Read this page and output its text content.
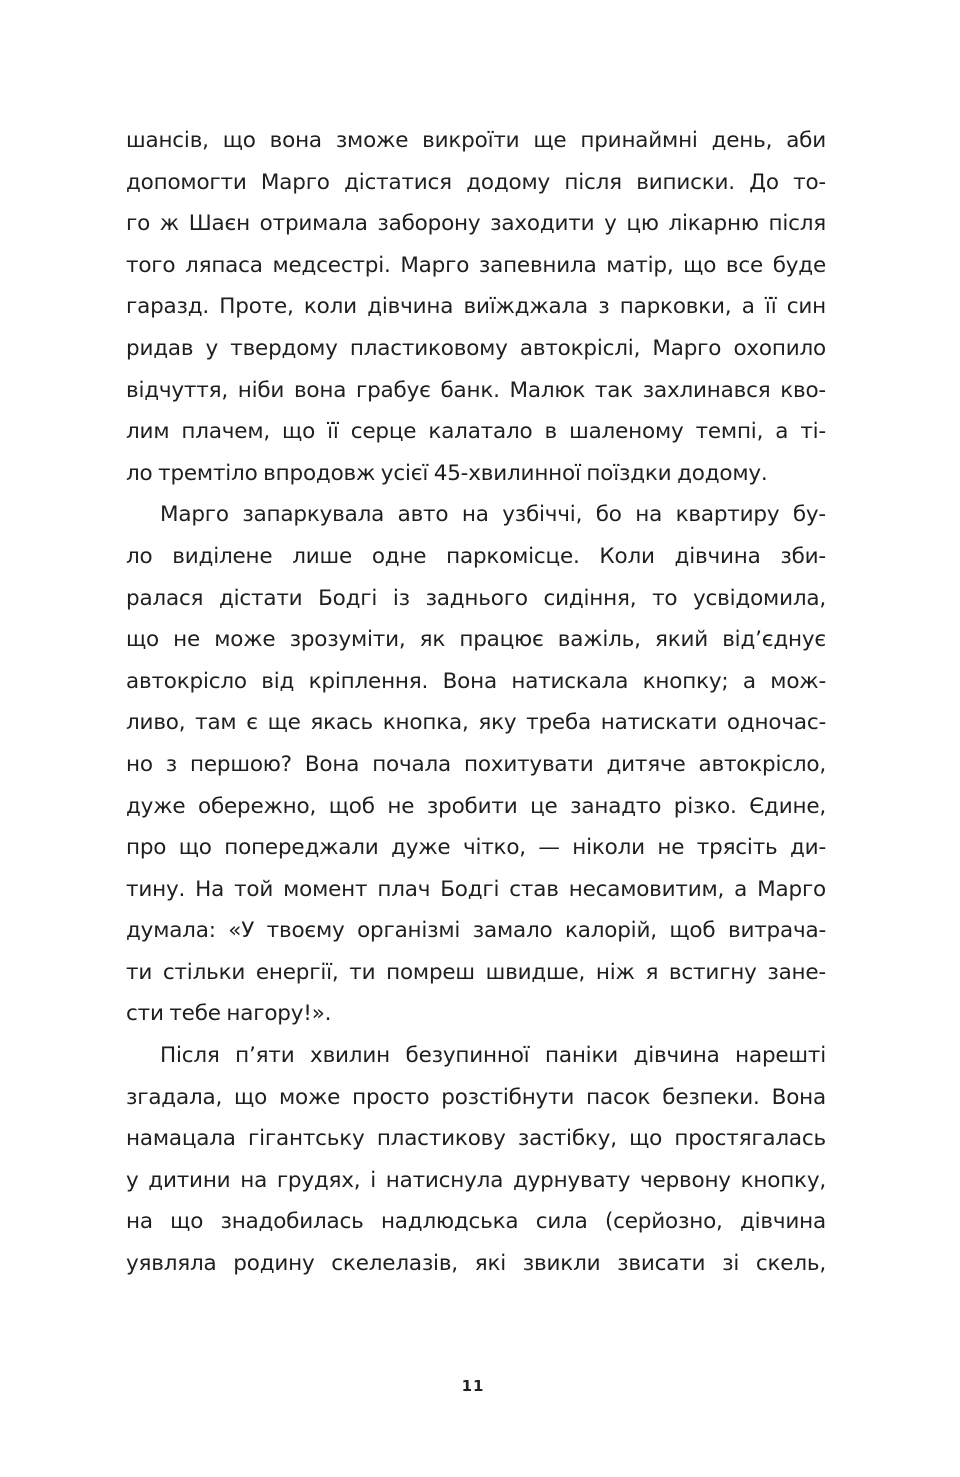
шансів, що вона зможе викроїти ще принаймні день, аби
допомогти Марго дістатися додому після виписки. До то-
го ж Шаєн отримала заборону заходити у цю лікарню після
того ляпаса медсестрі. Марго запевнила матір, що все буде
гаразд. Проте, коли дівчина виїжджала з парковки, а її син
ридав у твердому пластиковому автокріслі, Марго охопило
відчуття, ніби вона грабує банк. Малюк так захлинався кво-
лим плачем, що її серце калатало в шаленому темпі, а ті-
ло тремтіло впродовж усієї 45-хвилинної поїздки додому.
Марго запаркувала авто на узбіччі, бо на квартиру бу-
ло виділене лише одне паркомісце. Коли дівчина зби-
ралася дістати Бодгі із заднього сидіння, то усвідомила,
що не може зрозуміти, як працює важіль, який від’єднує
автокрісло від кріплення. Вона натискала кнопку; а мож-
ливо, там є ще якась кнопка, яку треба натискати одночас-
но з першою? Вона почала похитувати дитяче автокрісло,
дуже обережно, щоб не зробити це занадто різко. Єдине,
про що попереджали дуже чітко, — ніколи не трясіть ди-
тину. На той момент плач Бодгі став несамовитим, а Марго
думала: «У твоєму організмі замало калорій, щоб витрача-
ти стільки енергії, ти помреш швидше, ніж я встигну зане-
сти тебе нагору!».
Після п’яти хвилин безупинної паніки дівчина нарешті
згадала, що може просто розстібнути пасок безпеки. Вона
намацала гігантську пластикову застібку, що простягалась
у дитини на грудях, і натиснула дурнувату червону кнопку,
на що знадобилась надлюдська сила (серйозно, дівчина
уявляла родину скелелазів, які звикли звисати зі скель,
11
